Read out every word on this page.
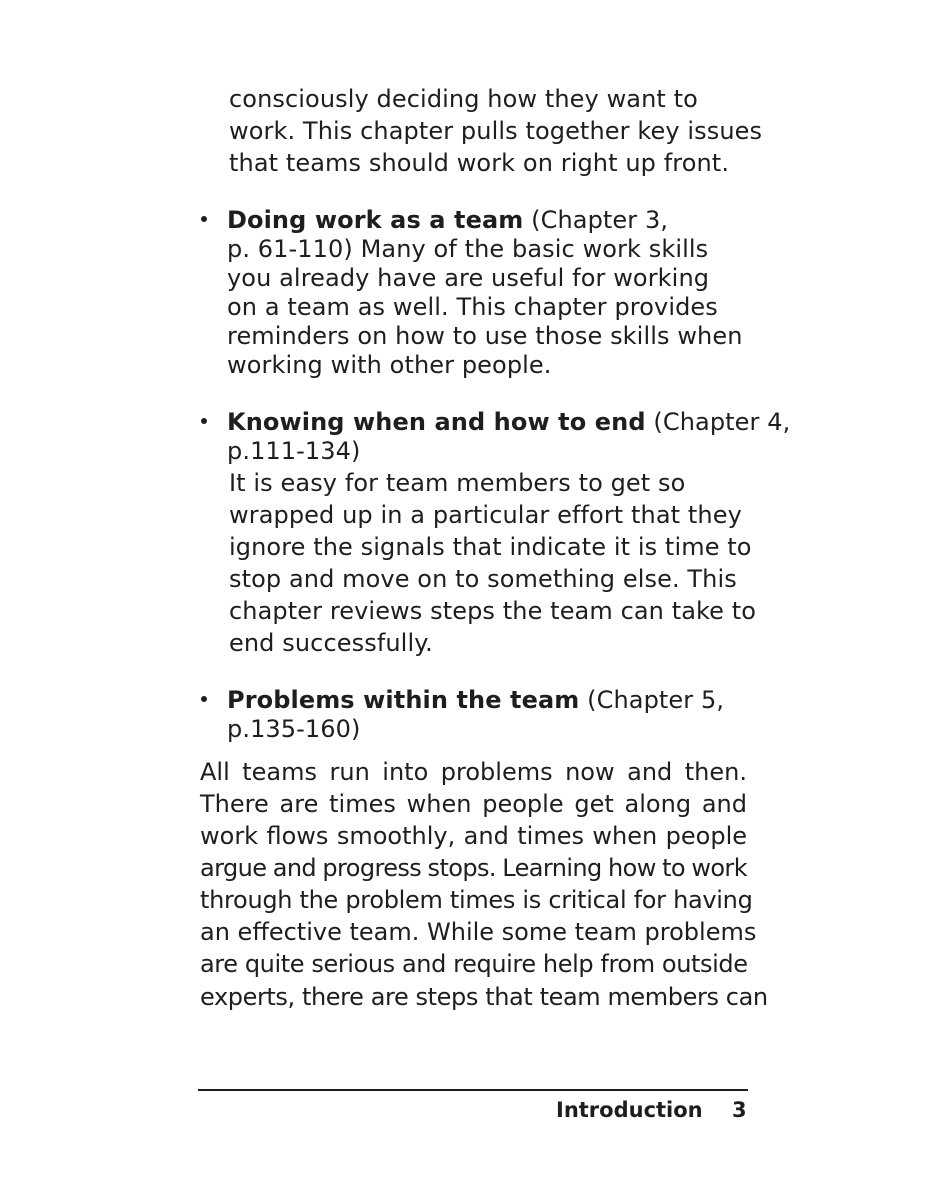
consciously deciding how they want to
work. This chapter pulls together key issues
that teams should work on right up front.
Doing work as a team (Chapter 3,
p. 61-110) Many of the basic work skills
you already have are useful for working
on a team as well. This chapter provides
reminders on how to use those skills when
working with other people.
Knowing when and how to end (Chapter 4,
p.111-134)
It is easy for team members to get so
wrapped up in a particular effort that they
ignore the signals that indicate it is time to
stop and move on to something else. This
chapter reviews steps the team can take to
end successfully.
Problems within the team (Chapter 5,
p.135-160)
All teams run into problems now and then.
There are times when people get along and
work flows smoothly, and times when people
argue and progress stops. Learning how to work
through the problem times is critical for having
an effective team. While some team problems
are quite serious and require help from outside
experts, there are steps that team members can
Introduction 3
